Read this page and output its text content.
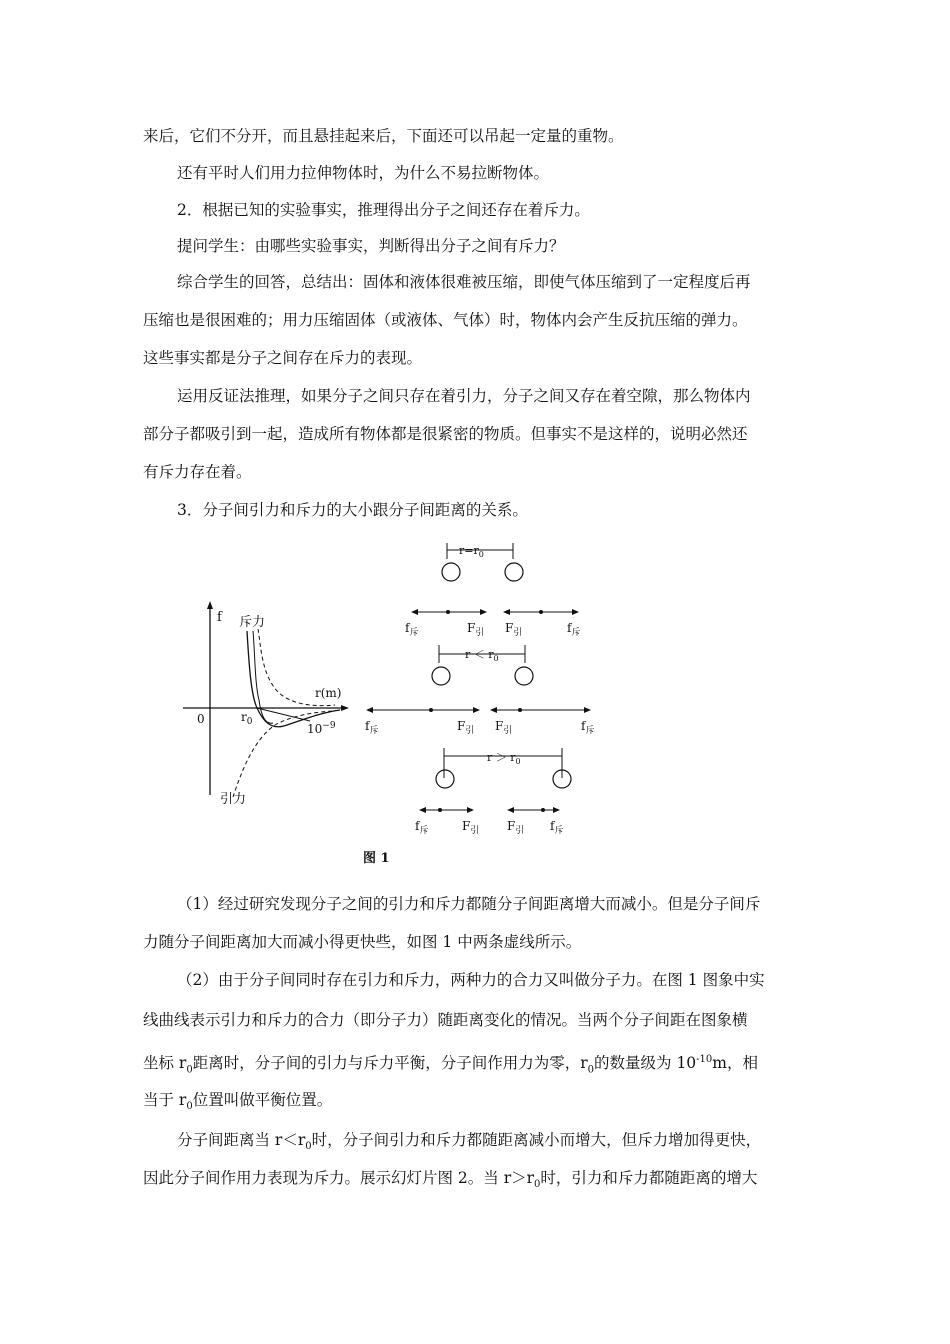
来后，它们不分开，而且悬挂起来后，下面还可以吊起一定量的重物。
还有平时人们用力拉伸物体时，为什么不易拉断物体。
2．根据已知的实验事实，推理得出分子之间还存在着斥力。
提问学生：由哪些实验事实，判断得出分子之间有斥力？
综合学生的回答，总结出：固体和液体很难被压缩，即使气体压缩到了一定程度后再
压缩也是很困难的；用力压缩固体（或液体、气体）时，物体内会产生反抗压缩的弹力。
这些事实都是分子之间存在斥力的表现。
运用反证法推理，如果分子之间只存在着引力，分子之间又存在着空隙，那么物体内
部分子都吸引到一起，造成所有物体都是很紧密的物质。但事实不是这样的，说明必然还
有斥力存在着。
3．分子间引力和斥力的大小跟分子间距离的关系。
f 斥力
r(m)
0	$r_0$	$10^{-9}$
引力
$r=r_0$
$f_斥$	$F_引$ $F_引$	$f_斥$
$r < r_0$
$f_斥$	$F_引$ $F_引$	$f_斥$
$r > r_0$
$f_斥$	$F_引$ $F_引$ $f_斥$
图 1
（1）经过研究发现分子之间的引力和斥力都随分子间距离增大而减小。但是分子间斥
力随分子间距离加大而减小得更快些，如图 1 中两条虚线所示。
（2）由于分子间同时存在引力和斥力，两种力的合力又叫做分子力。在图 1 图象中实
线曲线表示引力和斥力的合力（即分子力）随距离变化的情况。当两个分子间距在图象横
坐标 $r_0$距离时，分子间的引力与斥力平衡，分子间作用力为零，$r_0$的数量级为 $10^{-10}m$，相
当于 $r_0$位置叫做平衡位置。
分子间距离当 $r<r_0$时，分子间引力和斥力都随距离减小而增大，但斥力增加得更快，
因此分子间作用力表现为斥力。展示幻灯片图 2。当 $r>r_0$时，引力和斥力都随距离的增大
